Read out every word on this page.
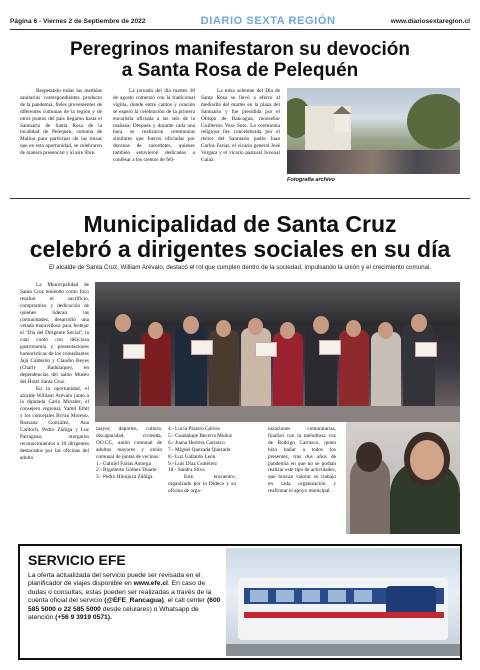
Página 6 - Viernes 2 de Septiembre de 2022	DIARIO SEXTA REGIÓN	www.diariosextaregion.cl
Peregrinos manifestaron su devoción
a Santa Rosa de Pelequén

Respetando todas las medidas sanitarias correspondientes producto de la pandemia, fieles provenientes de diferentes comunas de la región y de otros puntos del país llegaron hasta el Santuario de Santa Rosa de la localidad de Pelequén, comuna de Malloa para participar de las misas que en esta oportunidad, se celebraron de manera presencial y al aire libre.

La jornada del día martes 30 de agosto comenzó con la tradicional vigilia, donde entre cantos y oración se esperó la celebración de la primera eucaristía oficiada a las seis de la mañana. Después y durante cada una hora se realizaron ceremonias similares que fueron oficiadas por decenas de sacerdotes, quienes también estuvieron dedicados a confesar a los cientos de feli-

La misa solemne del Día de Santa Rosa se llevó a efecto al mediodía del martes en la plaza del Santuario y fue presidida por el Obispo de Rancagua, monseñor Guillermo Vera Soto. La ceremonia religiosa fue concelebrada por el rector del Santuario padre Juan Carlos Farías, el vicario general José Vergara y el vicario pastoral Juvenal Galaz.

Fotografía archivo
Municipalidad de Santa Cruz
celebró a dirigentes sociales en su día
El alcalde de Santa Cruz, William Arévalo, destacó el rol que cumplen dentro de la sociedad, impulsando la unión y el crecimiento comunal.

La Municipalidad de Santa Cruz teniendo como foco resaltar el sacrificio, compromiso y dedicación de quienes lideran las comunidades, desarrolló una velada maravillosa para festejar el "Día del Dirigente Social", la cual contó con deliciosa gastronomía y presentaciones humorísticas de los comediantes Jajá Calderón y Claudio Reyes (Charly Badulaque), en dependencias del salón Museo del Hotel Santa Cruz.

En la oportunidad, el alcalde William Arévalo junto a la diputada Carla Morales; el consejero regional, Yamil Ethit y los concejales Bryan Moreno, Rossana González, Ana Cardoch, Pedro Zúñiga y Luz Parraguez, otorgaron reconocimientos a 10 dirigentes destacados por las oficinas del adulto

mayor, deportes, cultura, discapacidad, vivienda, OO.CC, unión comunal de adultos mayores y unión comunal de juntas de vecinos:

1.- Gabriel Farías Astorga

2.- Rigoberto Gómez Duarte

3.- Pedro Hinojoza Zúñiga

4.- Lucía Pizarro Gálvez

5.- Guadalupe Becerra Muñoz

6.- Juana Herrera Carrasco

7.- Miguel Quezada Quezada

8.- Luz Gallardo León

9.- Luis Díaz Gutiérrez

10.- Sandra Silva

Este encuentro, organizado por la Dideco y su oficina de orga-

nizaciones comunitarias, finalizó con la melodiosa voz de Rodrigo Carrasco, quien hizo bailar a todos los presentes, tras dos años de pandemia en que no se podían realizar este tipo de actividades, que buscan valorar su trabajo en cada organización y reafirmar el apoyo municipal.

SERVICIO EFE
La oferta actualizada del servicio puede ser revisada en el planificador de viajes disponible en www.efe.cl. En caso de dudas o consultas, estas pueden ser realizadas a través de la cuenta oficial del servicio (@EFE_Rancagua), el call center (600 585 5000 o 22 585 5000 desde celulares) o Whatsapp de atención (+56 9 3919 0571).
